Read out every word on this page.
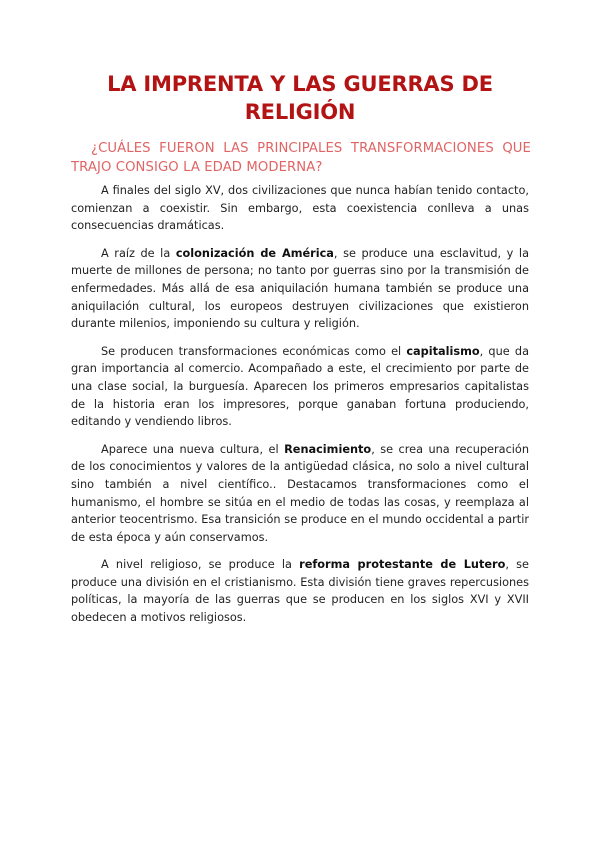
LA IMPRENTA Y LAS GUERRAS DE RELIGIÓN
¿CUÁLES FUERON LAS PRINCIPALES TRANSFORMACIONES QUE TRAJO CONSIGO LA EDAD MODERNA?

A finales del siglo XV, dos civilizaciones que nunca habían tenido contacto, comienzan a coexistir. Sin embargo, esta coexistencia conlleva a unas consecuencias dramáticas.

A raíz de la colonización de América, se produce una esclavitud, y la muerte de millones de persona; no tanto por guerras sino por la transmisión de enfermedades. Más allá de esa aniquilación humana también se produce una aniquilación cultural, los europeos destruyen civilizaciones que existieron durante milenios, imponiendo su cultura y religión.

Se producen transformaciones económicas como el capitalismo, que da gran importancia al comercio. Acompañado a este, el crecimiento por parte de una clase social, la burguesía. Aparecen los primeros empresarios capitalistas de la historia eran los impresores, porque ganaban fortuna produciendo, editando y vendiendo libros.

Aparece una nueva cultura, el Renacimiento, se crea una recuperación de los conocimientos y valores de la antigüedad clásica, no solo a nivel cultural sino también a nivel científico.. Destacamos transformaciones como el humanismo, el hombre se sitúa en el medio de todas las cosas, y reemplaza al anterior teocentrismo. Esa transición se produce en el mundo occidental a partir de esta época y aún conservamos.

A nivel religioso, se produce la reforma protestante de Lutero, se produce una división en el cristianismo. Esta división tiene graves repercusiones políticas, la mayoría de las guerras que se producen en los siglos XVI y XVII obedecen a motivos religiosos.
